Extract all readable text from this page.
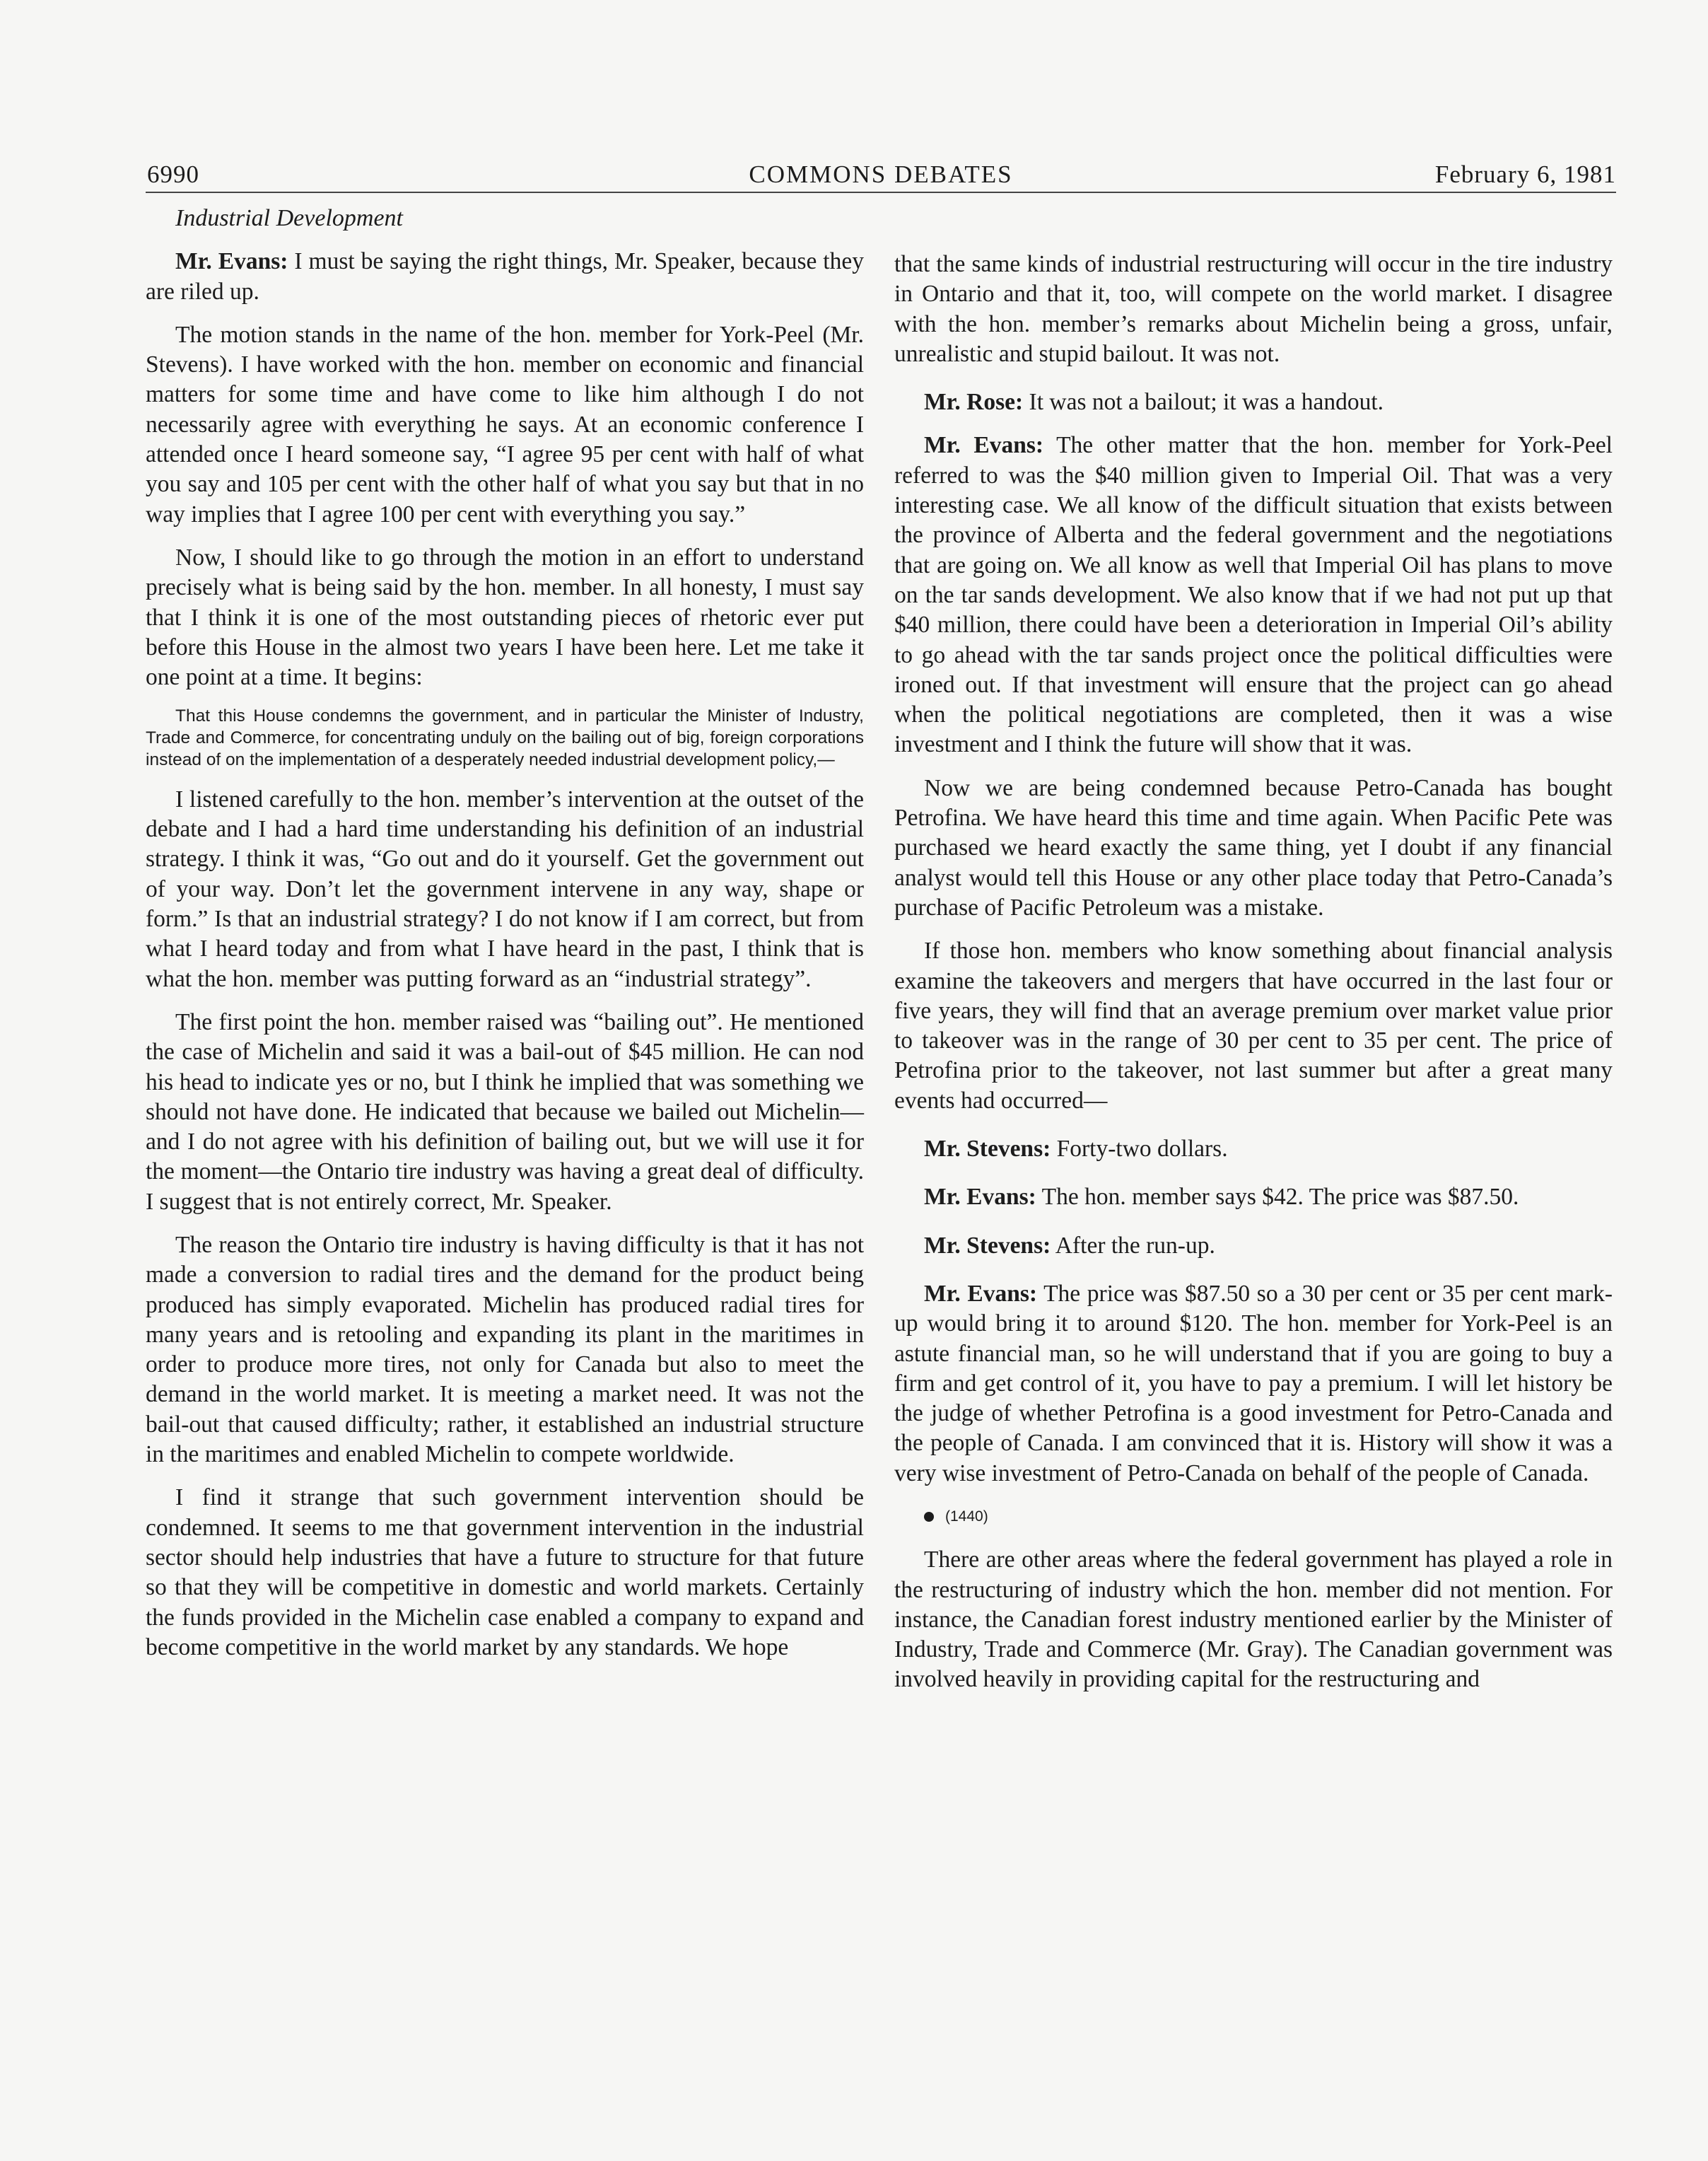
6990	COMMONS DEBATES	February 6, 1981

Industrial Development

Mr. Evans: I must be saying the right things, Mr. Speaker, because they are riled up.

The motion stands in the name of the hon. member for York-Peel (Mr. Stevens). I have worked with the hon. member on economic and financial matters for some time and have come to like him although I do not necessarily agree with everything he says. At an economic conference I attended once I heard someone say, “I agree 95 per cent with half of what you say and 105 per cent with the other half of what you say but that in no way implies that I agree 100 per cent with everything you say.”

Now, I should like to go through the motion in an effort to understand precisely what is being said by the hon. member. In all honesty, I must say that I think it is one of the most outstanding pieces of rhetoric ever put before this House in the almost two years I have been here. Let me take it one point at a time. It begins:

That this House condemns the government, and in particular the Minister of Industry, Trade and Commerce, for concentrating unduly on the bailing out of big, foreign corporations instead of on the implementation of a desperately needed industrial development policy,—

I listened carefully to the hon. member’s intervention at the outset of the debate and I had a hard time understanding his definition of an industrial strategy. I think it was, “Go out and do it yourself. Get the government out of your way. Don’t let the government intervene in any way, shape or form.” Is that an industrial strategy? I do not know if I am correct, but from what I heard today and from what I have heard in the past, I think that is what the hon. member was putting forward as an “industrial strategy”.

The first point the hon. member raised was “bailing out”. He mentioned the case of Michelin and said it was a bail-out of $45 million. He can nod his head to indicate yes or no, but I think he implied that was something we should not have done. He indicated that because we bailed out Michelin—and I do not agree with his definition of bailing out, but we will use it for the moment—the Ontario tire industry was having a great deal of difficulty. I suggest that is not entirely correct, Mr. Speaker.

The reason the Ontario tire industry is having difficulty is that it has not made a conversion to radial tires and the demand for the product being produced has simply evaporated. Michelin has produced radial tires for many years and is retooling and expanding its plant in the maritimes in order to produce more tires, not only for Canada but also to meet the demand in the world market. It is meeting a market need. It was not the bail-out that caused difficulty; rather, it established an industrial structure in the maritimes and enabled Michelin to compete worldwide.

I find it strange that such government intervention should be condemned. It seems to me that government intervention in the industrial sector should help industries that have a future to structure for that future so that they will be competitive in domestic and world markets. Certainly the funds provided in the Michelin case enabled a company to expand and become competitive in the world market by any standards. We hope

that the same kinds of industrial restructuring will occur in the tire industry in Ontario and that it, too, will compete on the world market. I disagree with the hon. member’s remarks about Michelin being a gross, unfair, unrealistic and stupid bailout. It was not.

Mr. Rose: It was not a bailout; it was a handout.

Mr. Evans: The other matter that the hon. member for York-Peel referred to was the $40 million given to Imperial Oil. That was a very interesting case. We all know of the difficult situation that exists between the province of Alberta and the federal government and the negotiations that are going on. We all know as well that Imperial Oil has plans to move on the tar sands development. We also know that if we had not put up that $40 million, there could have been a deterioration in Imperial Oil’s ability to go ahead with the tar sands project once the political difficulties were ironed out. If that investment will ensure that the project can go ahead when the political negotiations are completed, then it was a wise investment and I think the future will show that it was.

Now we are being condemned because Petro-Canada has bought Petrofina. We have heard this time and time again. When Pacific Pete was purchased we heard exactly the same thing, yet I doubt if any financial analyst would tell this House or any other place today that Petro-Canada’s purchase of Pacific Petroleum was a mistake.

If those hon. members who know something about financial analysis examine the takeovers and mergers that have occurred in the last four or five years, they will find that an average premium over market value prior to takeover was in the range of 30 per cent to 35 per cent. The price of Petrofina prior to the takeover, not last summer but after a great many events had occurred—

Mr. Stevens: Forty-two dollars.

Mr. Evans: The hon. member says $42. The price was $87.50.

Mr. Stevens: After the run-up.

Mr. Evans: The price was $87.50 so a 30 per cent or 35 per cent mark-up would bring it to around $120. The hon. member for York-Peel is an astute financial man, so he will understand that if you are going to buy a firm and get control of it, you have to pay a premium. I will let history be the judge of whether Petrofina is a good investment for Petro-Canada and the people of Canada. I am convinced that it is. History will show it was a very wise investment of Petro-Canada on behalf of the people of Canada.

(1440)

There are other areas where the federal government has played a role in the restructuring of industry which the hon. member did not mention. For instance, the Canadian forest industry mentioned earlier by the Minister of Industry, Trade and Commerce (Mr. Gray). The Canadian government was involved heavily in providing capital for the restructuring and
